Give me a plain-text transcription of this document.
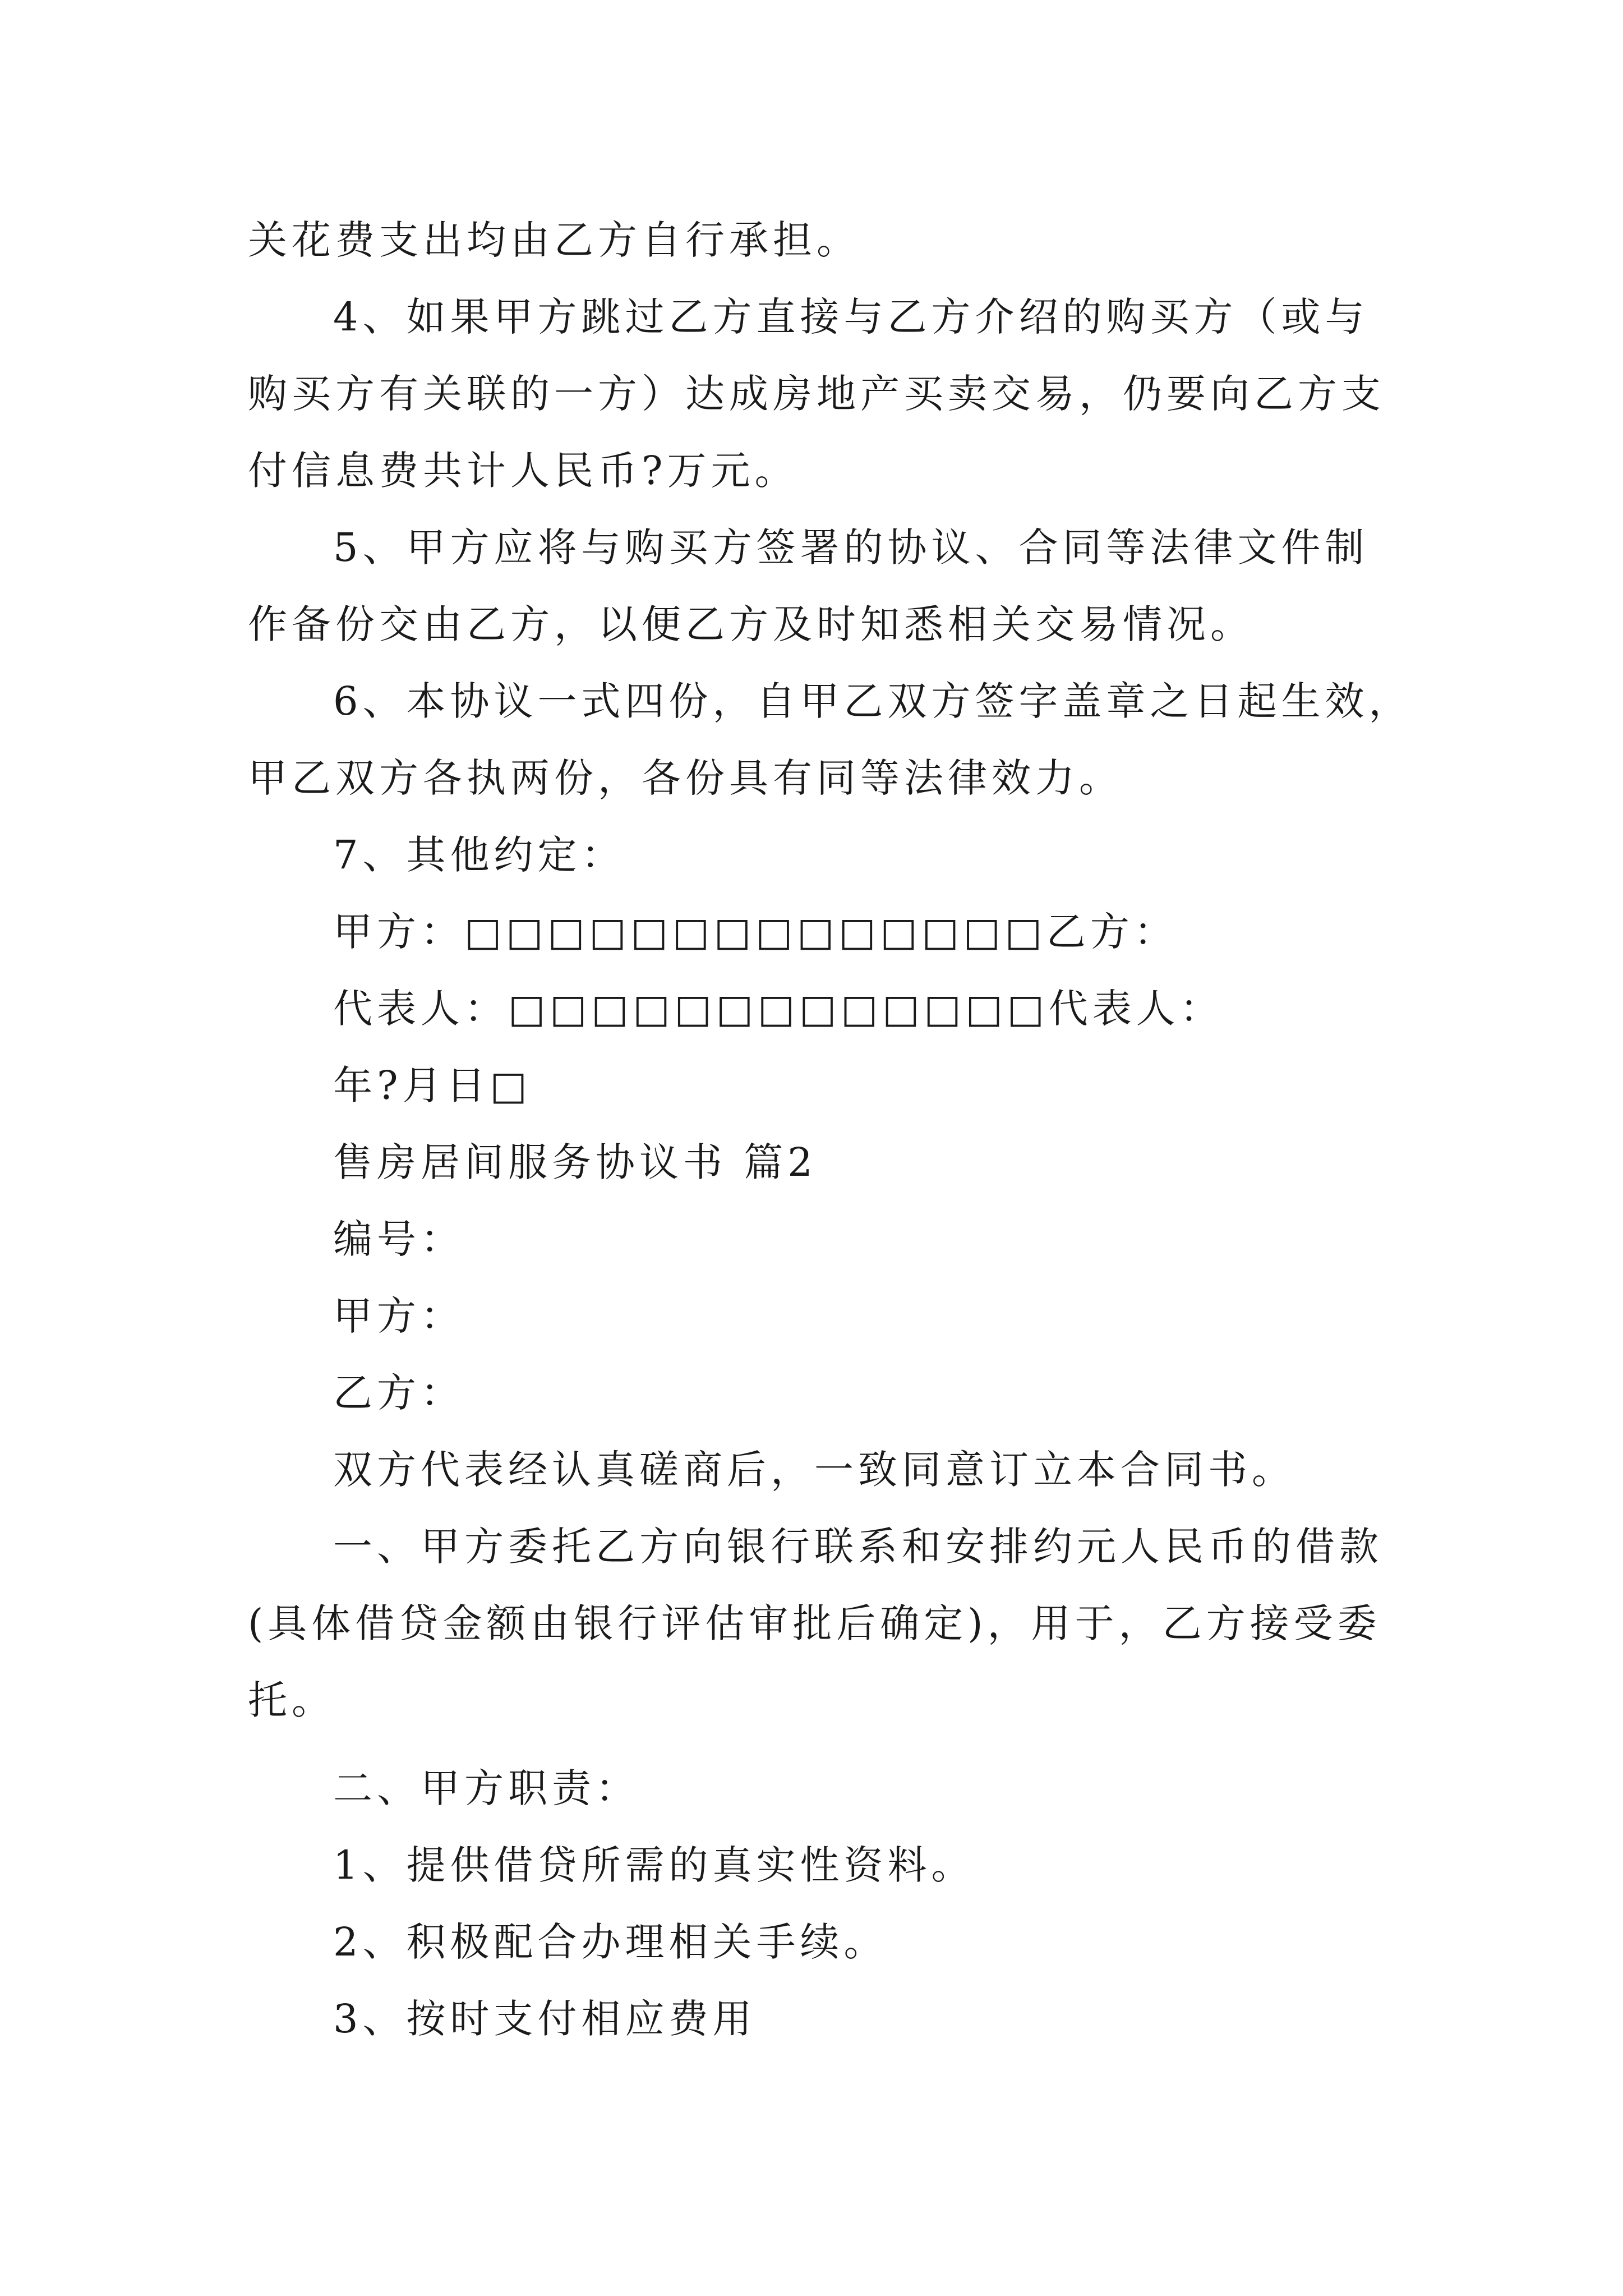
关花费支出均由乙方自行承担。
4、如果甲方跳过乙方直接与乙方介绍的购买方（或与
购买方有关联的一方）达成房地产买卖交易，仍要向乙方支
付信息费共计人民币?万元。
5、甲方应将与购买方签署的协议、合同等法律文件制
作备份交由乙方，以便乙方及时知悉相关交易情况。
6、本协议一式四份，自甲乙双方签字盖章之日起生效，
甲乙双方各执两份，各份具有同等法律效力。
7、其他约定：
甲方：□□□□□□□□□□□□□□乙方：
代表人：□□□□□□□□□□□□□代表人：
年?月日□
售房居间服务协议书 篇2
编号：
甲方：
乙方：
双方代表经认真磋商后，一致同意订立本合同书。
一、甲方委托乙方向银行联系和安排约元人民币的借款
(具体借贷金额由银行评估审批后确定)，用于，乙方接受委
托。
二、甲方职责：
1、提供借贷所需的真实性资料。
2、积极配合办理相关手续。
3、按时支付相应费用
